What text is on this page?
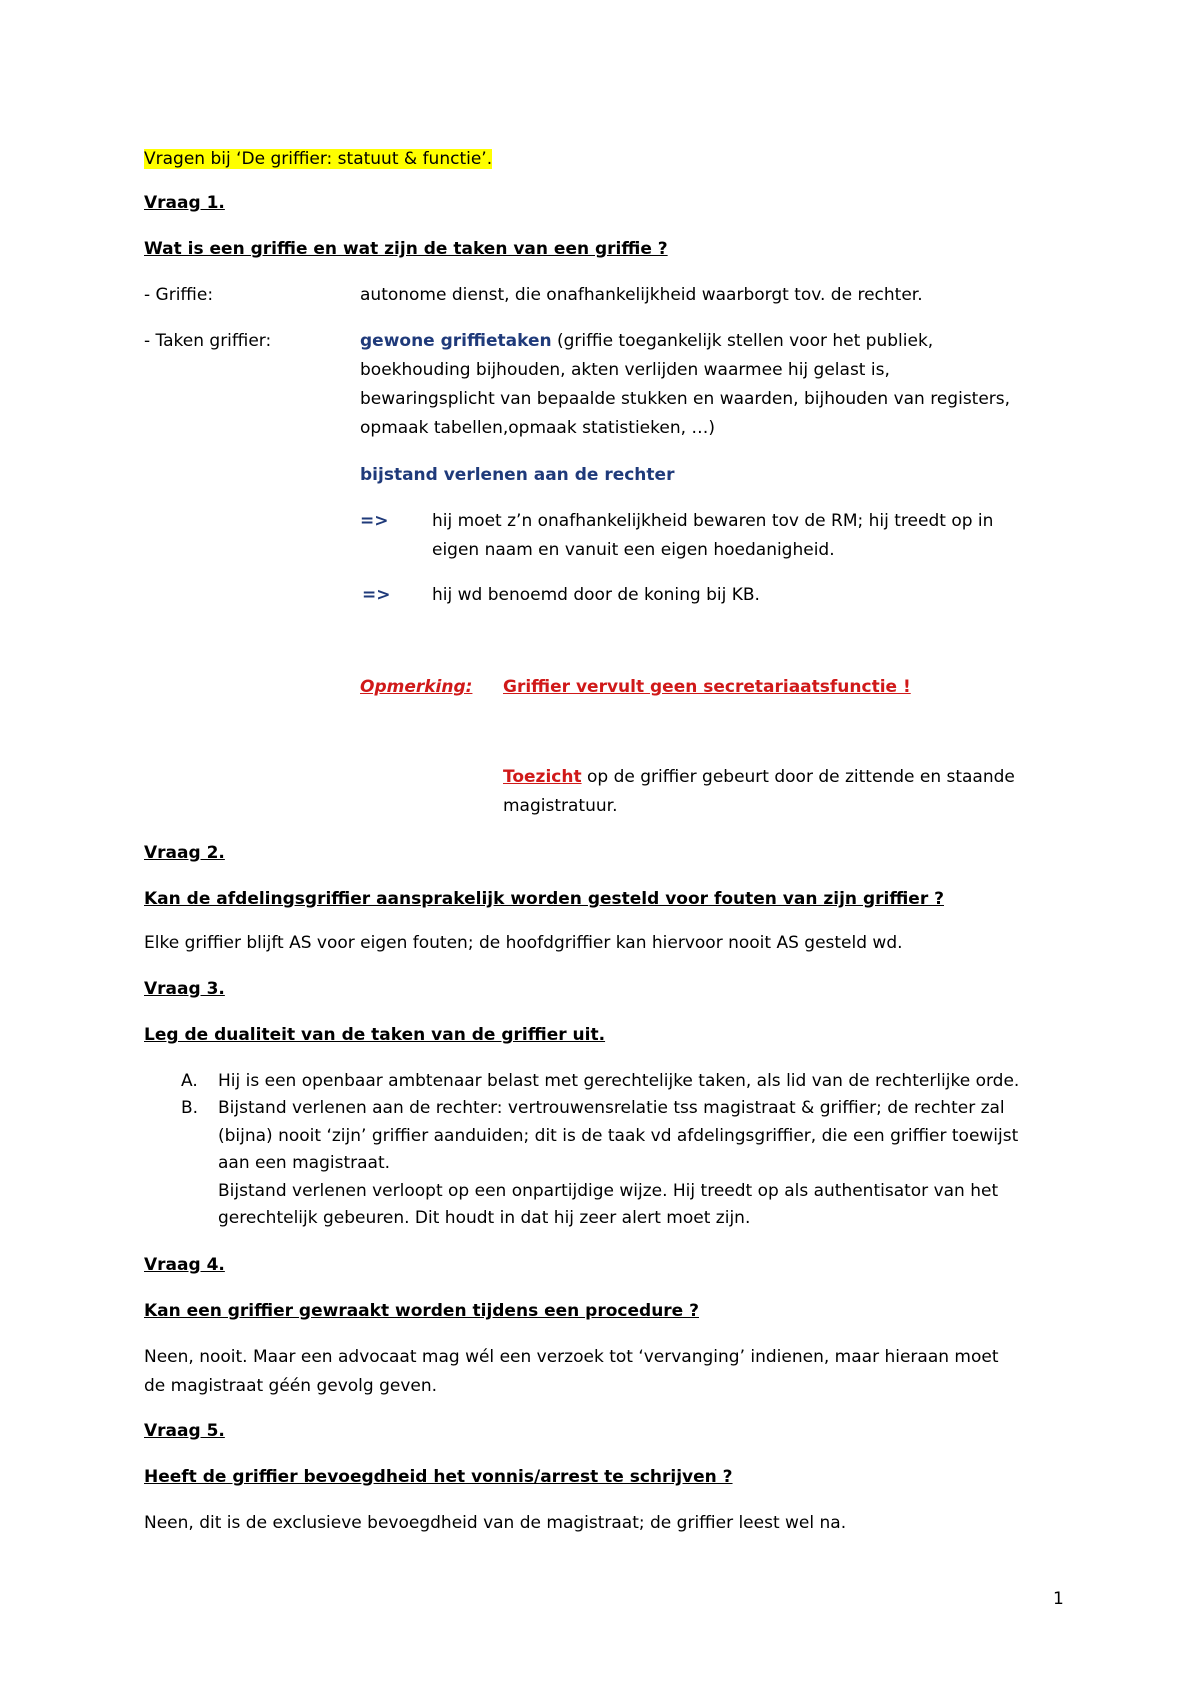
Vragen bij ‘De griffier: statuut & functie’.
Vraag 1.
Wat is een griffie en wat zijn de taken van een griffie ?
- Griffie:	autonome dienst, die onafhankelijkheid waarborgt tov. de rechter.
- Taken griffier:	gewone griffietaken (griffie toegankelijk stellen voor het publiek,
boekhouding bijhouden, akten verlijden waarmee hij gelast is,
bewaringsplicht van bepaalde stukken en waarden, bijhouden van registers,
opmaak tabellen,opmaak statistieken, …)
bijstand verlenen aan de rechter
=>	hij moet z’n onafhankelijkheid bewaren tov de RM; hij treedt op in
eigen naam en vanuit een eigen hoedanigheid.
=> hij wd benoemd door de koning bij KB.
Opmerking: Griffier vervult geen secretariaatsfunctie !
Toezicht op de griffier gebeurt door de zittende en staande
magistratuur.
Vraag 2.
Kan de afdelingsgriffier aansprakelijk worden gesteld voor fouten van zijn griffier ?
Elke griffier blijft AS voor eigen fouten; de hoofdgriffier kan hiervoor nooit AS gesteld wd.
Vraag 3.
Leg de dualiteit van de taken van de griffier uit.
A. Hij is een openbaar ambtenaar belast met gerechtelijke taken, als lid van de rechterlijke orde.
B. Bijstand verlenen aan de rechter: vertrouwensrelatie tss magistraat & griffier; de rechter zal
(bijna) nooit ‘zijn’ griffier aanduiden; dit is de taak vd afdelingsgriffier, die een griffier toewijst
aan een magistraat.
Bijstand verlenen verloopt op een onpartijdige wijze. Hij treedt op als authentisator van het
gerechtelijk gebeuren. Dit houdt in dat hij zeer alert moet zijn.
Vraag 4.
Kan een griffier gewraakt worden tijdens een procedure ?
Neen, nooit. Maar een advocaat mag wél een verzoek tot ‘vervanging’ indienen, maar hieraan moet
de magistraat géén gevolg geven.
Vraag 5.
Heeft de griffier bevoegdheid het vonnis/arrest te schrijven ?
Neen, dit is de exclusieve bevoegdheid van de magistraat; de griffier leest wel na.
1
